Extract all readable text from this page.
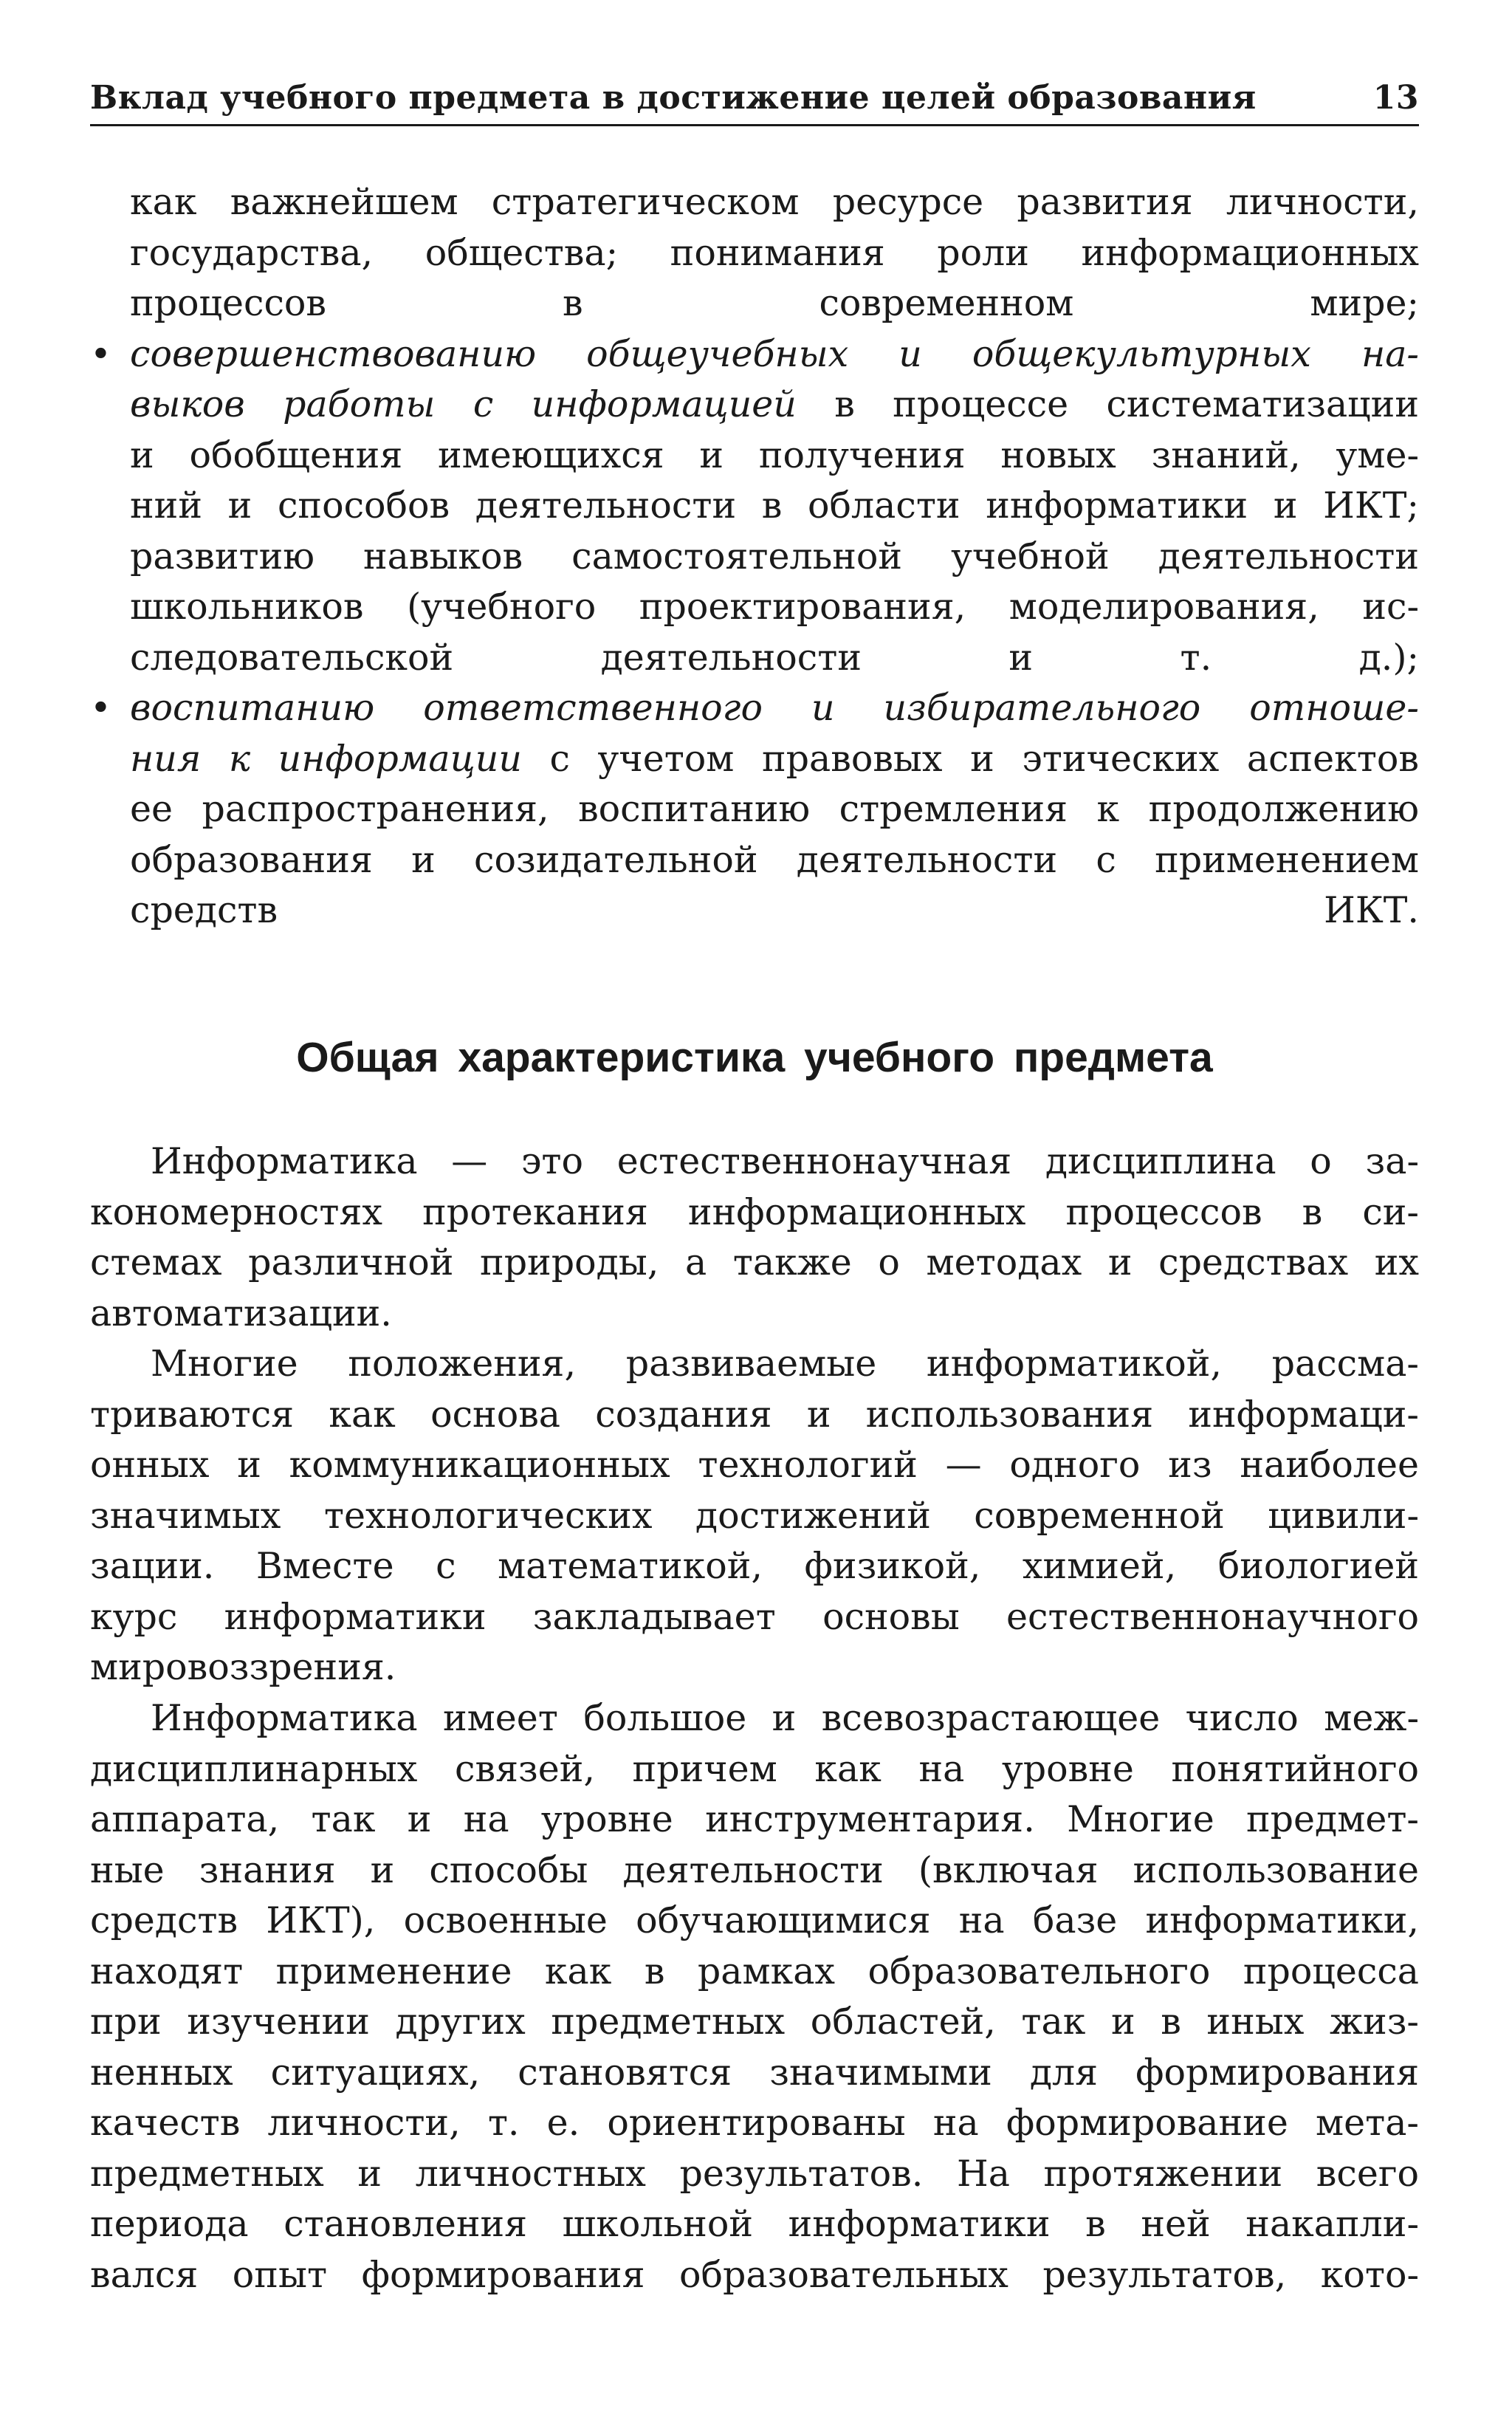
Вклад учебного предмета в достижение целей образования	13
как важнейшем стратегическом ресурсе развития личности,
государства, общества; понимания роли информационных
процессов в современном мире;
• совершенствованию общеучебных и общекультурных на-
выков работы с информацией в процессе систематизации
и обобщения имеющихся и получения новых знаний, уме-
ний и способов деятельности в области информатики и ИКТ;
развитию навыков самостоятельной учебной деятельности
школьников (учебного проектирования, моделирования, ис-
следовательской деятельности и т. д.);
• воспитанию ответственного и избирательного отноше-
ния к информации с учетом правовых и этических аспектов
ее распространения, воспитанию стремления к продолжению
образования и созидательной деятельности с применением
средств ИКТ.
Общая характеристика учебного предмета
Информатика — это естественнонаучная дисциплина о за-
кономерностях протекания информационных процессов в си-
стемах различной природы, а также о методах и средствах их
автоматизации.
Многие положения, развиваемые информатикой, рассма-
триваются как основа создания и использования информаци-
онных и коммуникационных технологий — одного из наиболее
значимых технологических достижений современной цивили-
зации. Вместе с математикой, физикой, химией, биологией
курс информатики закладывает основы естественнонаучного
мировоззрения.
Информатика имеет большое и всевозрастающее число меж-
дисциплинарных связей, причем как на уровне понятийного
аппарата, так и на уровне инструментария. Многие предмет-
ные знания и способы деятельности (включая использование
средств ИКТ), освоенные обучающимися на базе информатики,
находят применение как в рамках образовательного процесса
при изучении других предметных областей, так и в иных жиз-
ненных ситуациях, становятся значимыми для формирования
качеств личности, т. е. ориентированы на формирование мета-
предметных и личностных результатов. На протяжении всего
периода становления школьной информатики в ней накапли-
вался опыт формирования образовательных результатов, кото-
